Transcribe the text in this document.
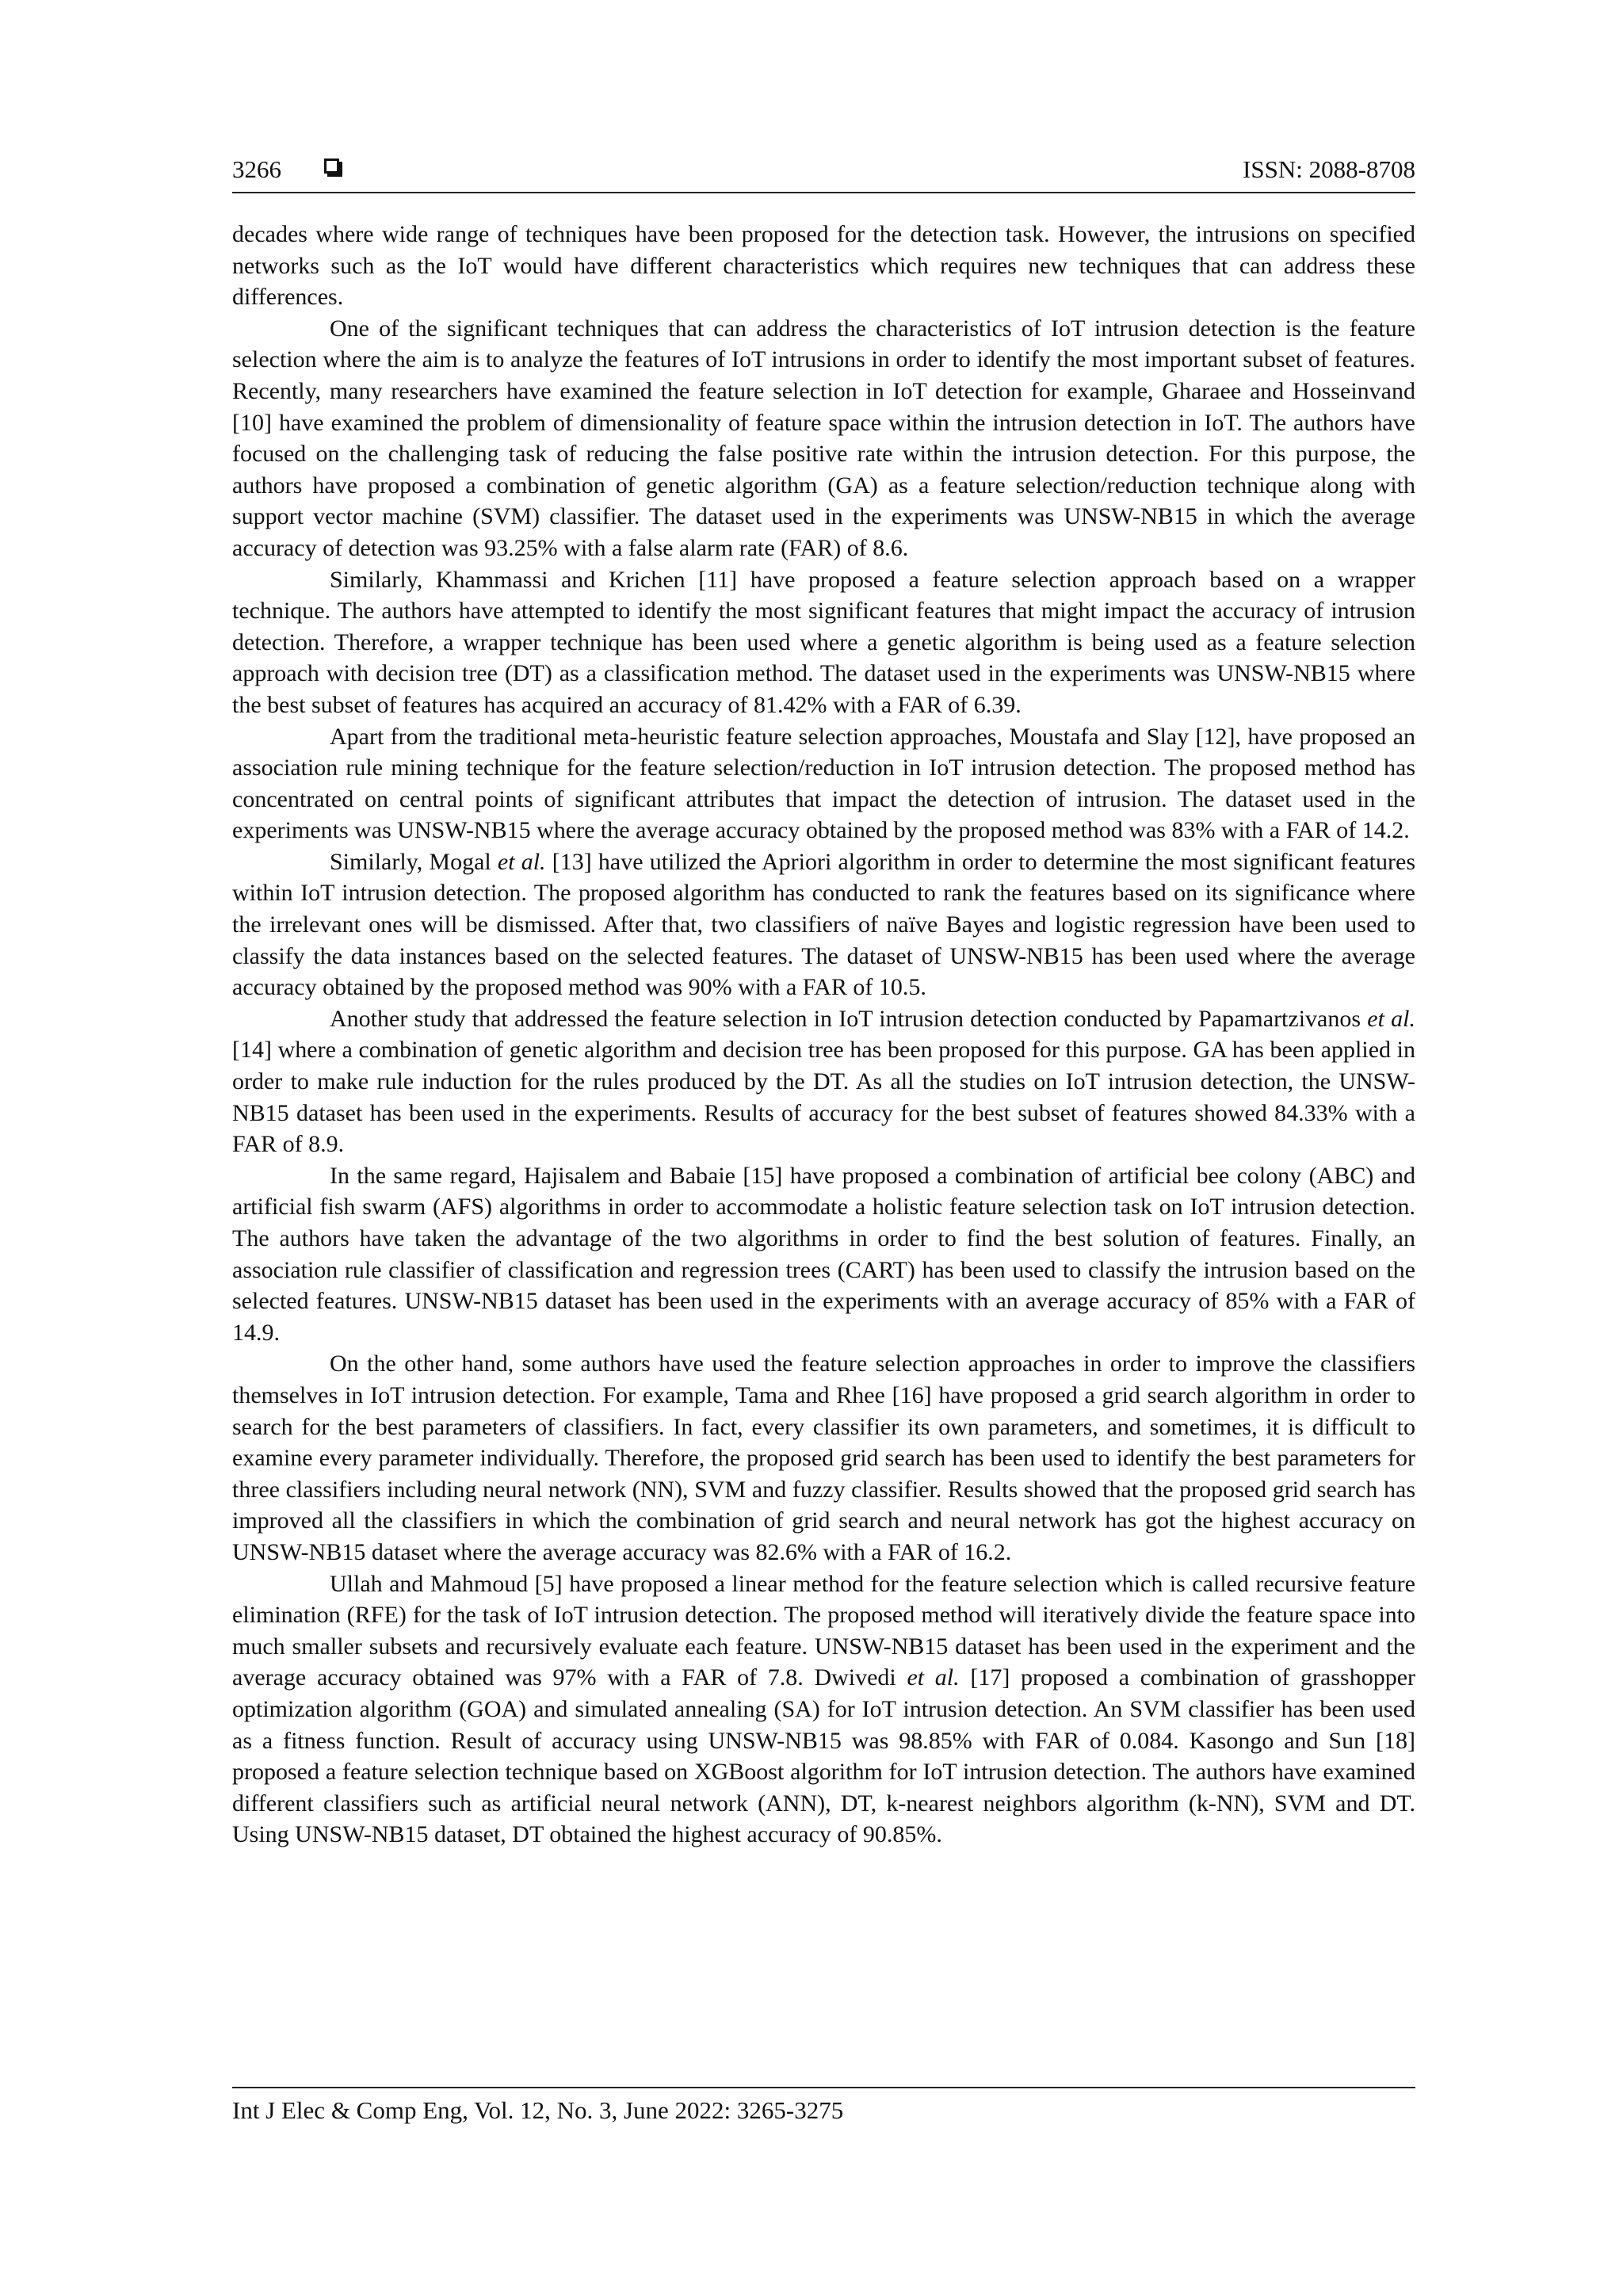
3266	ISSN: 2088-8708

decades where wide range of techniques have been proposed for the detection task. However, the intrusions on specified networks such as the IoT would have different characteristics which requires new techniques that can address these differences.

One of the significant techniques that can address the characteristics of IoT intrusion detection is the feature selection where the aim is to analyze the features of IoT intrusions in order to identify the most important subset of features. Recently, many researchers have examined the feature selection in IoT detection for example, Gharaee and Hosseinvand [10] have examined the problem of dimensionality of feature space within the intrusion detection in IoT. The authors have focused on the challenging task of reducing the false positive rate within the intrusion detection. For this purpose, the authors have proposed a combination of genetic algorithm (GA) as a feature selection/reduction technique along with support vector machine (SVM) classifier. The dataset used in the experiments was UNSW-NB15 in which the average accuracy of detection was 93.25% with a false alarm rate (FAR) of 8.6.

Similarly, Khammassi and Krichen [11] have proposed a feature selection approach based on a wrapper technique. The authors have attempted to identify the most significant features that might impact the accuracy of intrusion detection. Therefore, a wrapper technique has been used where a genetic algorithm is being used as a feature selection approach with decision tree (DT) as a classification method. The dataset used in the experiments was UNSW-NB15 where the best subset of features has acquired an accuracy of 81.42% with a FAR of 6.39.

Apart from the traditional meta-heuristic feature selection approaches, Moustafa and Slay [12], have proposed an association rule mining technique for the feature selection/reduction in IoT intrusion detection. The proposed method has concentrated on central points of significant attributes that impact the detection of intrusion. The dataset used in the experiments was UNSW-NB15 where the average accuracy obtained by the proposed method was 83% with a FAR of 14.2.

Similarly, Mogal et al. [13] have utilized the Apriori algorithm in order to determine the most significant features within IoT intrusion detection. The proposed algorithm has conducted to rank the features based on its significance where the irrelevant ones will be dismissed. After that, two classifiers of naïve Bayes and logistic regression have been used to classify the data instances based on the selected features. The dataset of UNSW-NB15 has been used where the average accuracy obtained by the proposed method was 90% with a FAR of 10.5.

Another study that addressed the feature selection in IoT intrusion detection conducted by Papamartzivanos et al. [14] where a combination of genetic algorithm and decision tree has been proposed for this purpose. GA has been applied in order to make rule induction for the rules produced by the DT. As all the studies on IoT intrusion detection, the UNSW-NB15 dataset has been used in the experiments. Results of accuracy for the best subset of features showed 84.33% with a FAR of 8.9.

In the same regard, Hajisalem and Babaie [15] have proposed a combination of artificial bee colony (ABC) and artificial fish swarm (AFS) algorithms in order to accommodate a holistic feature selection task on IoT intrusion detection. The authors have taken the advantage of the two algorithms in order to find the best solution of features. Finally, an association rule classifier of classification and regression trees (CART) has been used to classify the intrusion based on the selected features. UNSW-NB15 dataset has been used in the experiments with an average accuracy of 85% with a FAR of 14.9.

On the other hand, some authors have used the feature selection approaches in order to improve the classifiers themselves in IoT intrusion detection. For example, Tama and Rhee [16] have proposed a grid search algorithm in order to search for the best parameters of classifiers. In fact, every classifier its own parameters, and sometimes, it is difficult to examine every parameter individually. Therefore, the proposed grid search has been used to identify the best parameters for three classifiers including neural network (NN), SVM and fuzzy classifier. Results showed that the proposed grid search has improved all the classifiers in which the combination of grid search and neural network has got the highest accuracy on UNSW-NB15 dataset where the average accuracy was 82.6% with a FAR of 16.2.

Ullah and Mahmoud [5] have proposed a linear method for the feature selection which is called recursive feature elimination (RFE) for the task of IoT intrusion detection. The proposed method will iteratively divide the feature space into much smaller subsets and recursively evaluate each feature. UNSW-NB15 dataset has been used in the experiment and the average accuracy obtained was 97% with a FAR of 7.8. Dwivedi et al. [17] proposed a combination of grasshopper optimization algorithm (GOA) and simulated annealing (SA) for IoT intrusion detection. An SVM classifier has been used as a fitness function. Result of accuracy using UNSW-NB15 was 98.85% with FAR of 0.084. Kasongo and Sun [18] proposed a feature selection technique based on XGBoost algorithm for IoT intrusion detection. The authors have examined different classifiers such as artificial neural network (ANN), DT, k-nearest neighbors algorithm (k-NN), SVM and DT. Using UNSW-NB15 dataset, DT obtained the highest accuracy of 90.85%.

Int J Elec & Comp Eng, Vol. 12, No. 3, June 2022: 3265-3275
